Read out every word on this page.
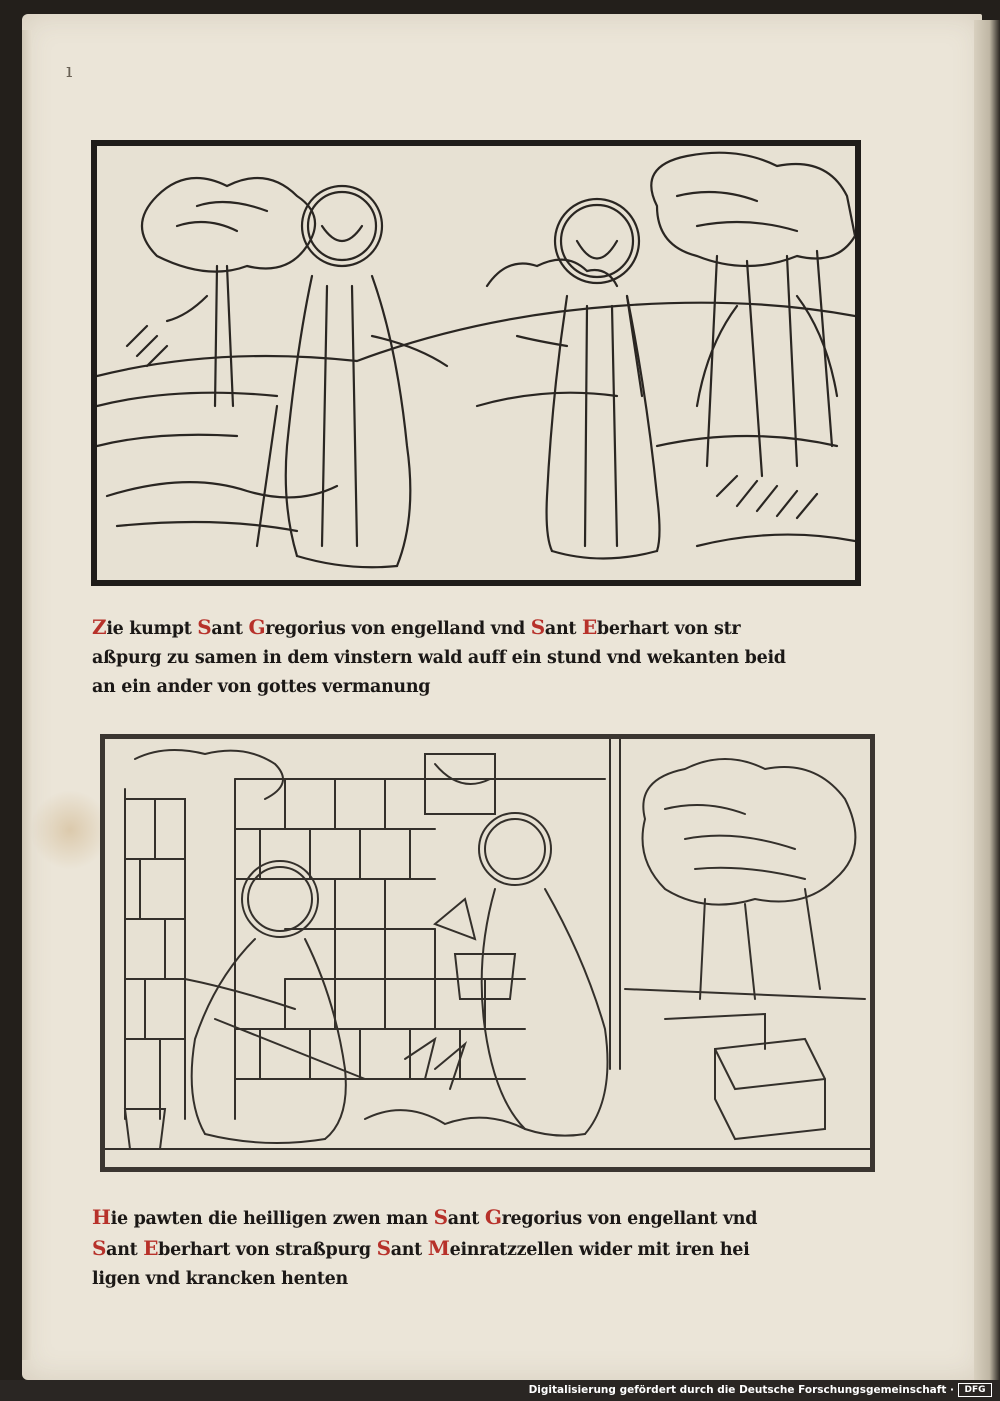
ı
Zie kumpt Sant Gregorius von engelland vnd Sant Eberhart von str
aßpurg zu samen in dem vinstern wald auff ein stund vnd wekanten beid
an ein ander von gottes vermanung
Hie pawten die heilligen zwen man Sant Gregorius von engellant vnd
Sant Eberhart von straßpurg Sant Meinratzzellen wider mit iren hei
ligen vnd krancken henten
Digitalisierung gefördert durch die Deutsche Forschungsgemeinschaft ·	DFG
